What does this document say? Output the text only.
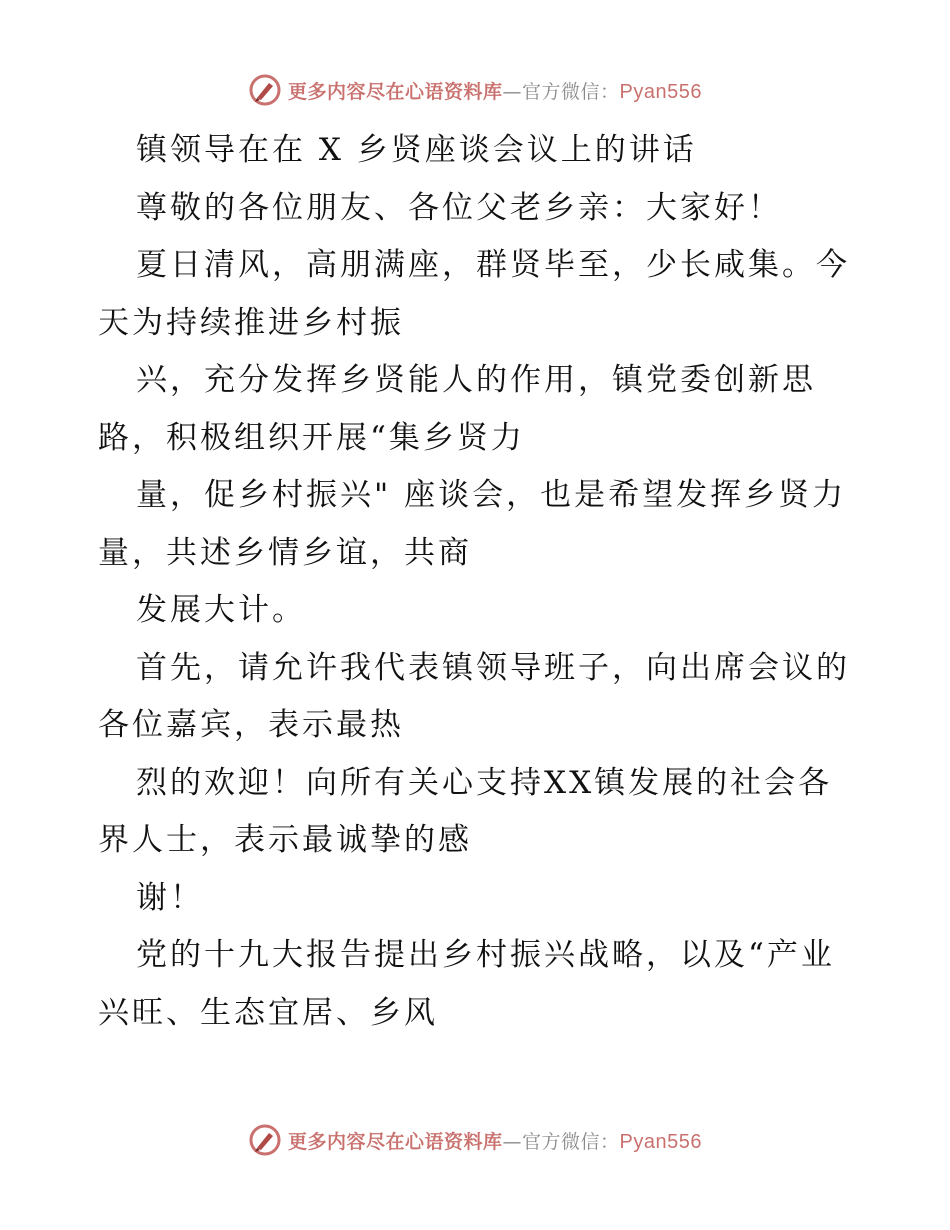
更多内容尽在心语资料库—官方微信：Pyan556

镇领导在在 X 乡贤座谈会议上的讲话

尊敬的各位朋友、各位父老乡亲：大家好！

夏日清风，高朋满座，群贤毕至，少长咸集。今天为持续推进乡村振

兴，充分发挥乡贤能人的作用，镇党委创新思路，积极组织开展“集乡贤力

量，促乡村振兴" 座谈会，也是希望发挥乡贤力量，共述乡情乡谊，共商

发展大计。

首先，请允许我代表镇领导班子，向出席会议的各位嘉宾，表示最热

烈的欢迎！向所有关心支持XX镇发展的社会各界人士，表示最诚挚的感

谢！

党的十九大报告提出乡村振兴战略，以及“产业兴旺、生态宜居、乡风

更多内容尽在心语资料库—官方微信：Pyan556
